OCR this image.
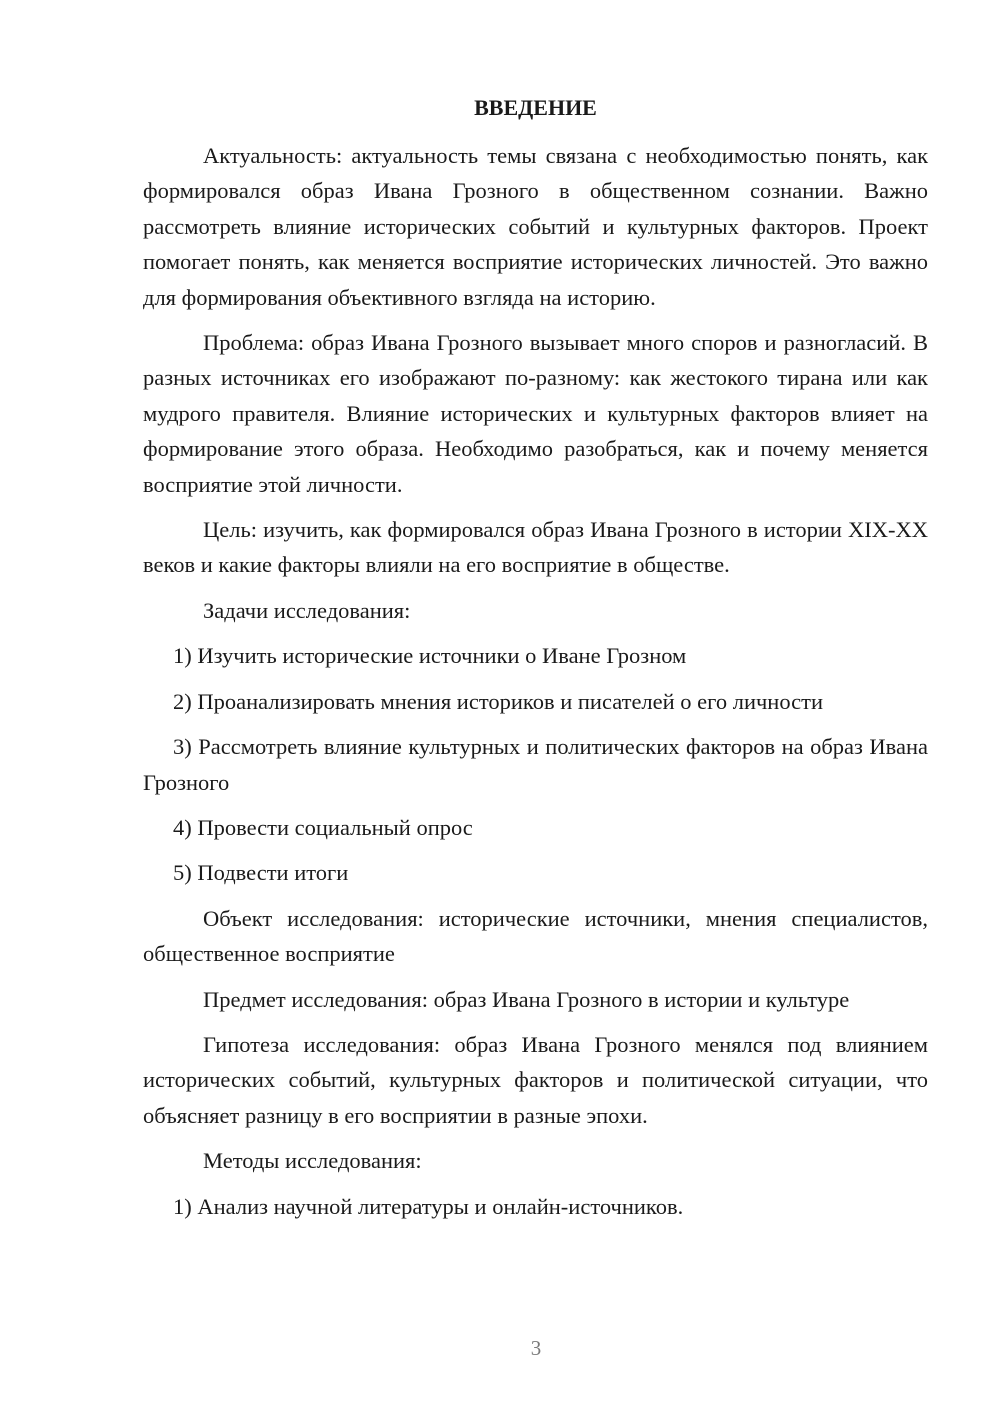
ВВЕДЕНИЕ

Актуальность: актуальность темы связана с необходимостью понять, как формировался образ Ивана Грозного в общественном сознании. Важно рассмотреть влияние исторических событий и культурных факторов. Проект помогает понять, как меняется восприятие исторических личностей. Это важно для формирования объективного взгляда на историю.

Проблема: образ Ивана Грозного вызывает много споров и разногласий. В разных источниках его изображают по-разному: как жестокого тирана или как мудрого правителя. Влияние исторических и культурных факторов влияет на формирование этого образа. Необходимо разобраться, как и почему меняется восприятие этой личности.

Цель: изучить, как формировался образ Ивана Грозного в истории XIX-XX веков и какие факторы влияли на его восприятие в обществе.

Задачи исследования:

1) Изучить исторические источники о Иване Грозном

2) Проанализировать мнения историков и писателей о его личности

3) Рассмотреть влияние культурных и политических факторов на образ Ивана Грозного

4) Провести социальный опрос

5) Подвести итоги

Объект исследования: исторические источники, мнения специалистов, общественное восприятие

Предмет исследования: образ Ивана Грозного в истории и культуре

Гипотеза исследования: образ Ивана Грозного менялся под влиянием исторических событий, культурных факторов и политической ситуации, что объясняет разницу в его восприятии в разные эпохи.

Методы исследования:

1) Анализ научной литературы и онлайн-источников.

3
